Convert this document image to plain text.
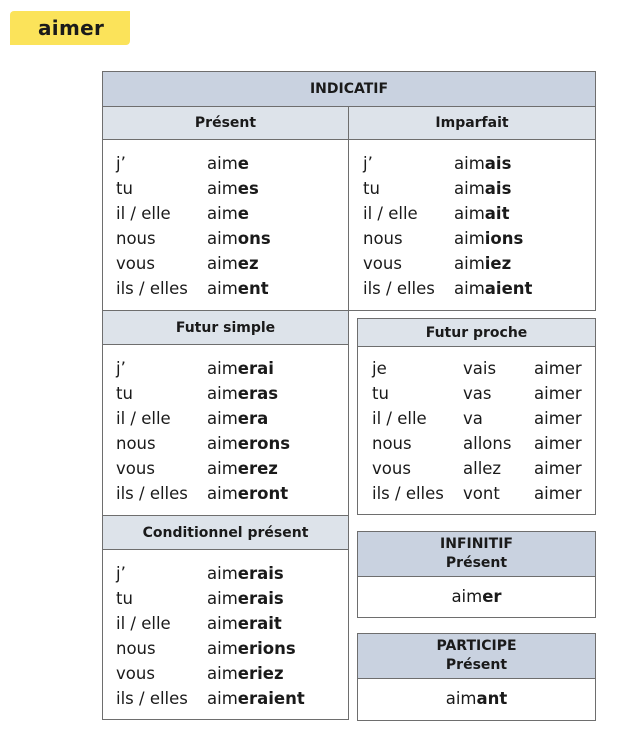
aimer
INDICATIF
Présent
j’	aime
tu	aimes
il / elle	aime
nous	aimons
vous	aimez
ils / elles	aiment
Imparfait
j’	aimais
tu	aimais
il / elle	aimait
nous	aimions
vous	aimiez
ils / elles	aimaient
Futur simple
j’	aimerai
tu	aimeras
il / elle	aimera
nous	aimerons
vous	aimerez
ils / elles	aimeront
Futur proche
je	vais	aimer
tu	vas	aimer
il / elle	va	aimer
nous	allons	aimer
vous	allez	aimer
ils / elles	vont	aimer
Conditionnel présent
j’	aimerais
tu	aimerais
il / elle	aimerait
nous	aimerions
vous	aimeriez
ils / elles	aimeraient
INFINITIF
Présent
aimer
PARTICIPE
Présent
aimant
